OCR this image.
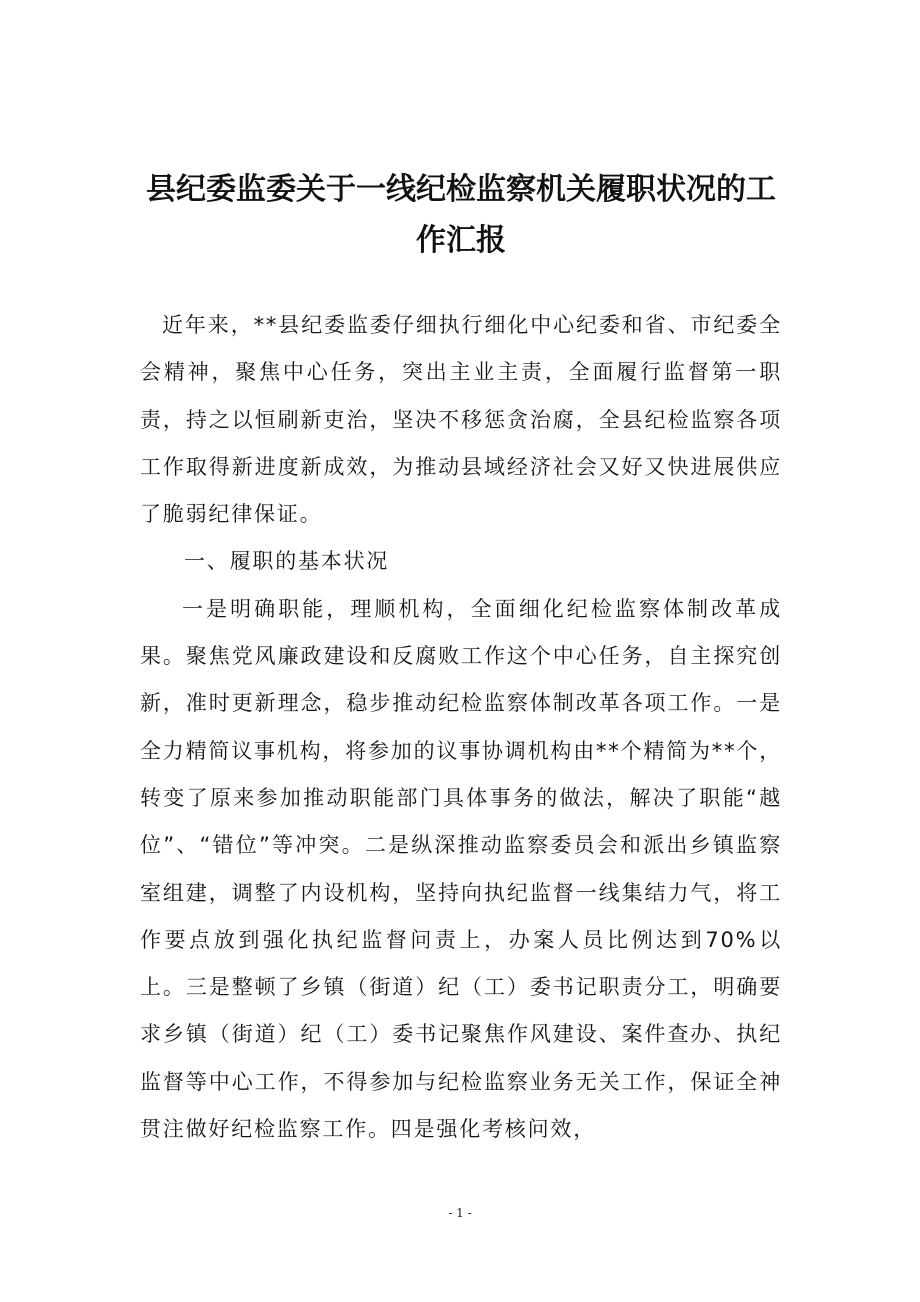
县纪委监委关于一线纪检监察机关履职状况的工作汇报

近年来，**县纪委监委仔细执行细化中心纪委和省、市纪委全会精神，聚焦中心任务，突出主业主责，全面履行监督第一职责，持之以恒刷新吏治，坚决不移惩贪治腐，全县纪检监察各项工作取得新进度新成效，为推动县域经济社会又好又快进展供应了脆弱纪律保证。

一、履职的基本状况

一是明确职能，理顺机构，全面细化纪检监察体制改革成果。聚焦党风廉政建设和反腐败工作这个中心任务，自主探究创新，准时更新理念，稳步推动纪检监察体制改革各项工作。一是全力精简议事机构，将参加的议事协调机构由**个精简为**个，转变了原来参加推动职能部门具体事务的做法，解决了职能“越位”、“错位”等冲突。二是纵深推动监察委员会和派出乡镇监察室组建，调整了内设机构，坚持向执纪监督一线集结力气，将工作要点放到强化执纪监督问责上，办案人员比例达到70%以上。三是整顿了乡镇（街道）纪（工）委书记职责分工，明确要求乡镇（街道）纪（工）委书记聚焦作风建设、案件查办、执纪监督等中心工作，不得参加与纪检监察业务无关工作，保证全神贯注做好纪检监察工作。四是强化考核问效，

- 1 -
